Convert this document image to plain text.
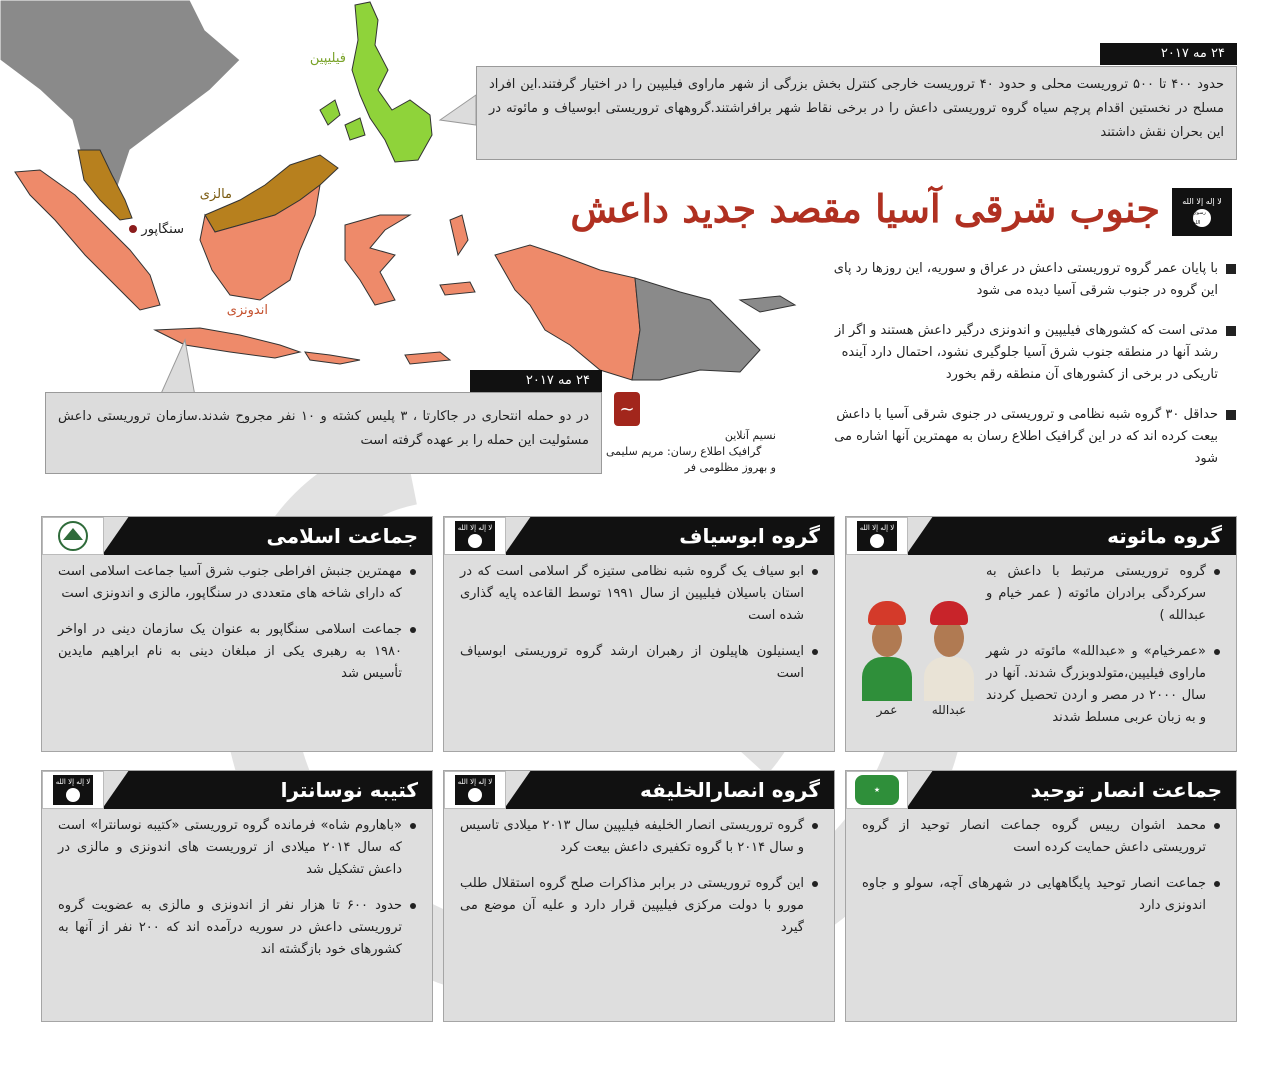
فیلیپین
مالزی
سنگاپور
اندونزی
۲۴ مه ۲۰۱۷
حدود ۴۰۰ تا ۵۰۰ تروریست محلی و حدود ۴۰ تروریست خارجی کنترل بخش بزرگی از شهر ماراوی فیلیپین را در اختیار گرفتند.این افراد مسلح در نخستین اقدام پرچم سیاه گروه تروریستی داعش را در برخی نقاط شهر برافراشتند.گروههای تروریستی ابوسیاف و مائوته در این بحران نقش داشتند
جنوب شرقی آسیا مقصد جدید داعش	لا إله إلا الله
رسول الله
با پایان عمر گروه تروریستی داعش در عراق و سوریه، این روزها رد پای این گروه در جنوب شرقی آسیا دیده می شود
مدتی است که کشورهای فیلیپین و اندونزی درگیر داعش هستند و اگر از رشد آنها در منطقه جنوب شرق آسیا جلوگیری نشود، احتمال دارد آینده تاریکی در برخی از کشورهای آن منطقه رقم بخورد
حداقل ۳۰ گروه شبه نظامی و تروریستی در جنوی شرقی آسیا با داعش بیعت کرده اند که در این گرافیک اطلاع رسان به مهمترین آنها اشاره می شود
۲۴ مه ۲۰۱۷
در دو حمله انتحاری در جاکارتا ، ۳ پلیس کشته و ۱۰ نفر مجروح شدند.سازمان تروریستی داعش مسئولیت این حمله را بر عهده گرفته است
~
نسیم آنلاین
گرافیک اطلاع رسان: مریم سلیمی
و بهروز مظلومی فر
گروه مائوته
لا إله إلا الله

گروه تروریستی مرتبط با داعش به سرکردگی برادران مائوته ( عمر خیام و عبدالله )

«عمرخیام» و «عبدالله» مائوته در شهر ماراوی فیلیپین،متولدوبزرگ شدند. آنها در سال ۲۰۰۰ در مصر و اردن تحصیل کردند و به زبان عربی مسلط شدند

عبدالله
عمر
گروه ابوسیاف
لا إله إلا الله

ابو سیاف یک گروه شبه نظامی ستیزه گر اسلامی است که در استان باسیلان فیلیپین از سال ۱۹۹۱ توسط القاعده پایه گذاری شده است

ایسنیلون هاپیلون از رهبران ارشد گروه تروریستی ابوسیاف است

جماعت اسلامی

مهمترین جنبش افراطی جنوب شرق آسیا جماعت اسلامی است که دارای شاخه های متعددی در سنگاپور، مالزی و اندونزی است

جماعت اسلامی سنگاپور به عنوان یک سازمان دینی در اواخر ۱۹۸۰ به رهبری یکی از مبلغان دینی به نام ابراهیم مایدین تأسیس شد

جماعت انصار توحید
★

محمد اشوان رییس گروه جماعت انصار توحید از گروه تروریستی داعش حمایت کرده است

جماعت انصار توحید پایگاههایی در شهرهای آچه، سولو و جاوه اندونزی دارد

گروه انصارالخلیفه
لا إله إلا الله

گروه تروریستی انصار الخلیفه فیلیپین سال ۲۰۱۳ میلادی تاسیس و سال ۲۰۱۴ با گروه تکفیری داعش بیعت کرد

این گروه تروریستی در برابر مذاکرات صلح گروه استقلال طلب مورو با دولت مرکزی فیلیپین قرار دارد و علیه آن موضع می گیرد

کتیبه نوسانترا
لا إله إلا الله

«باهاروم شاه» فرمانده گروه تروریستی «کتیبه نوسانترا» است که سال ۲۰۱۴ میلادی از تروریست های اندونزی و مالزی در داعش تشکیل شد

حدود ۶۰۰ تا هزار نفر از اندونزی و مالزی به عضویت گروه تروریستی داعش در سوریه درآمده اند که ۲۰۰ نفر از آنها به کشورهای خود بازگشته اند
